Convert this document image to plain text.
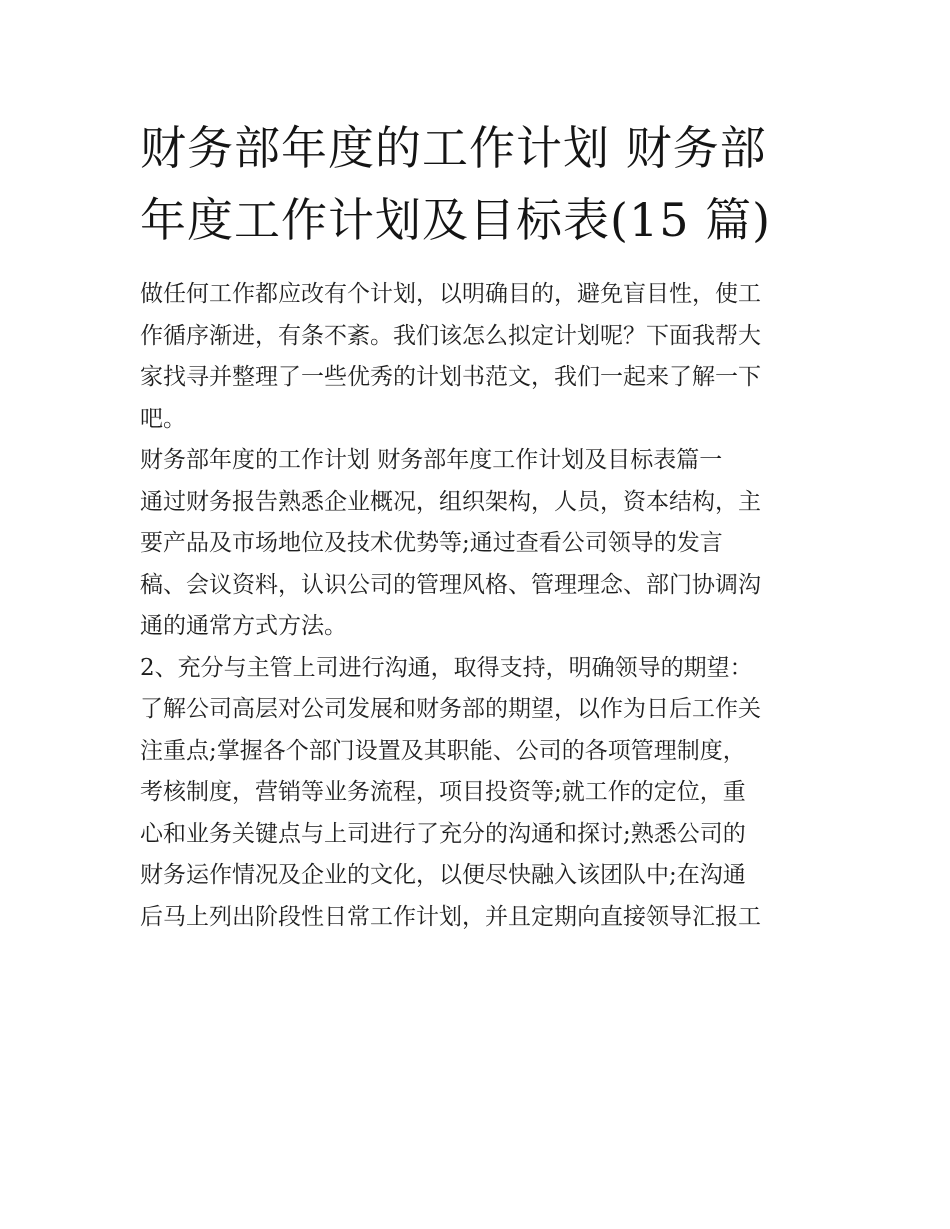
财务部年度的工作计划 财务部
年度工作计划及目标表(15 篇)

做任何工作都应改有个计划，以明确目的，避免盲目性，使工
作循序渐进，有条不紊。我们该怎么拟定计划呢？下面我帮大
家找寻并整理了一些优秀的计划书范文，我们一起来了解一下
吧。

财务部年度的工作计划 财务部年度工作计划及目标表篇一

通过财务报告熟悉企业概况，组织架构，人员，资本结构，主
要产品及市场地位及技术优势等;通过查看公司领导的发言
稿、会议资料，认识公司的管理风格、管理理念、部门协调沟
通的通常方式方法。

2、充分与主管上司进行沟通，取得支持，明确领导的期望：
了解公司高层对公司发展和财务部的期望，以作为日后工作关
注重点;掌握各个部门设置及其职能、公司的各项管理制度，
考核制度，营销等业务流程，项目投资等;就工作的定位，重
心和业务关键点与上司进行了充分的沟通和探讨;熟悉公司的
财务运作情况及企业的文化，以便尽快融入该团队中;在沟通
后马上列出阶段性日常工作计划，并且定期向直接领导汇报工
